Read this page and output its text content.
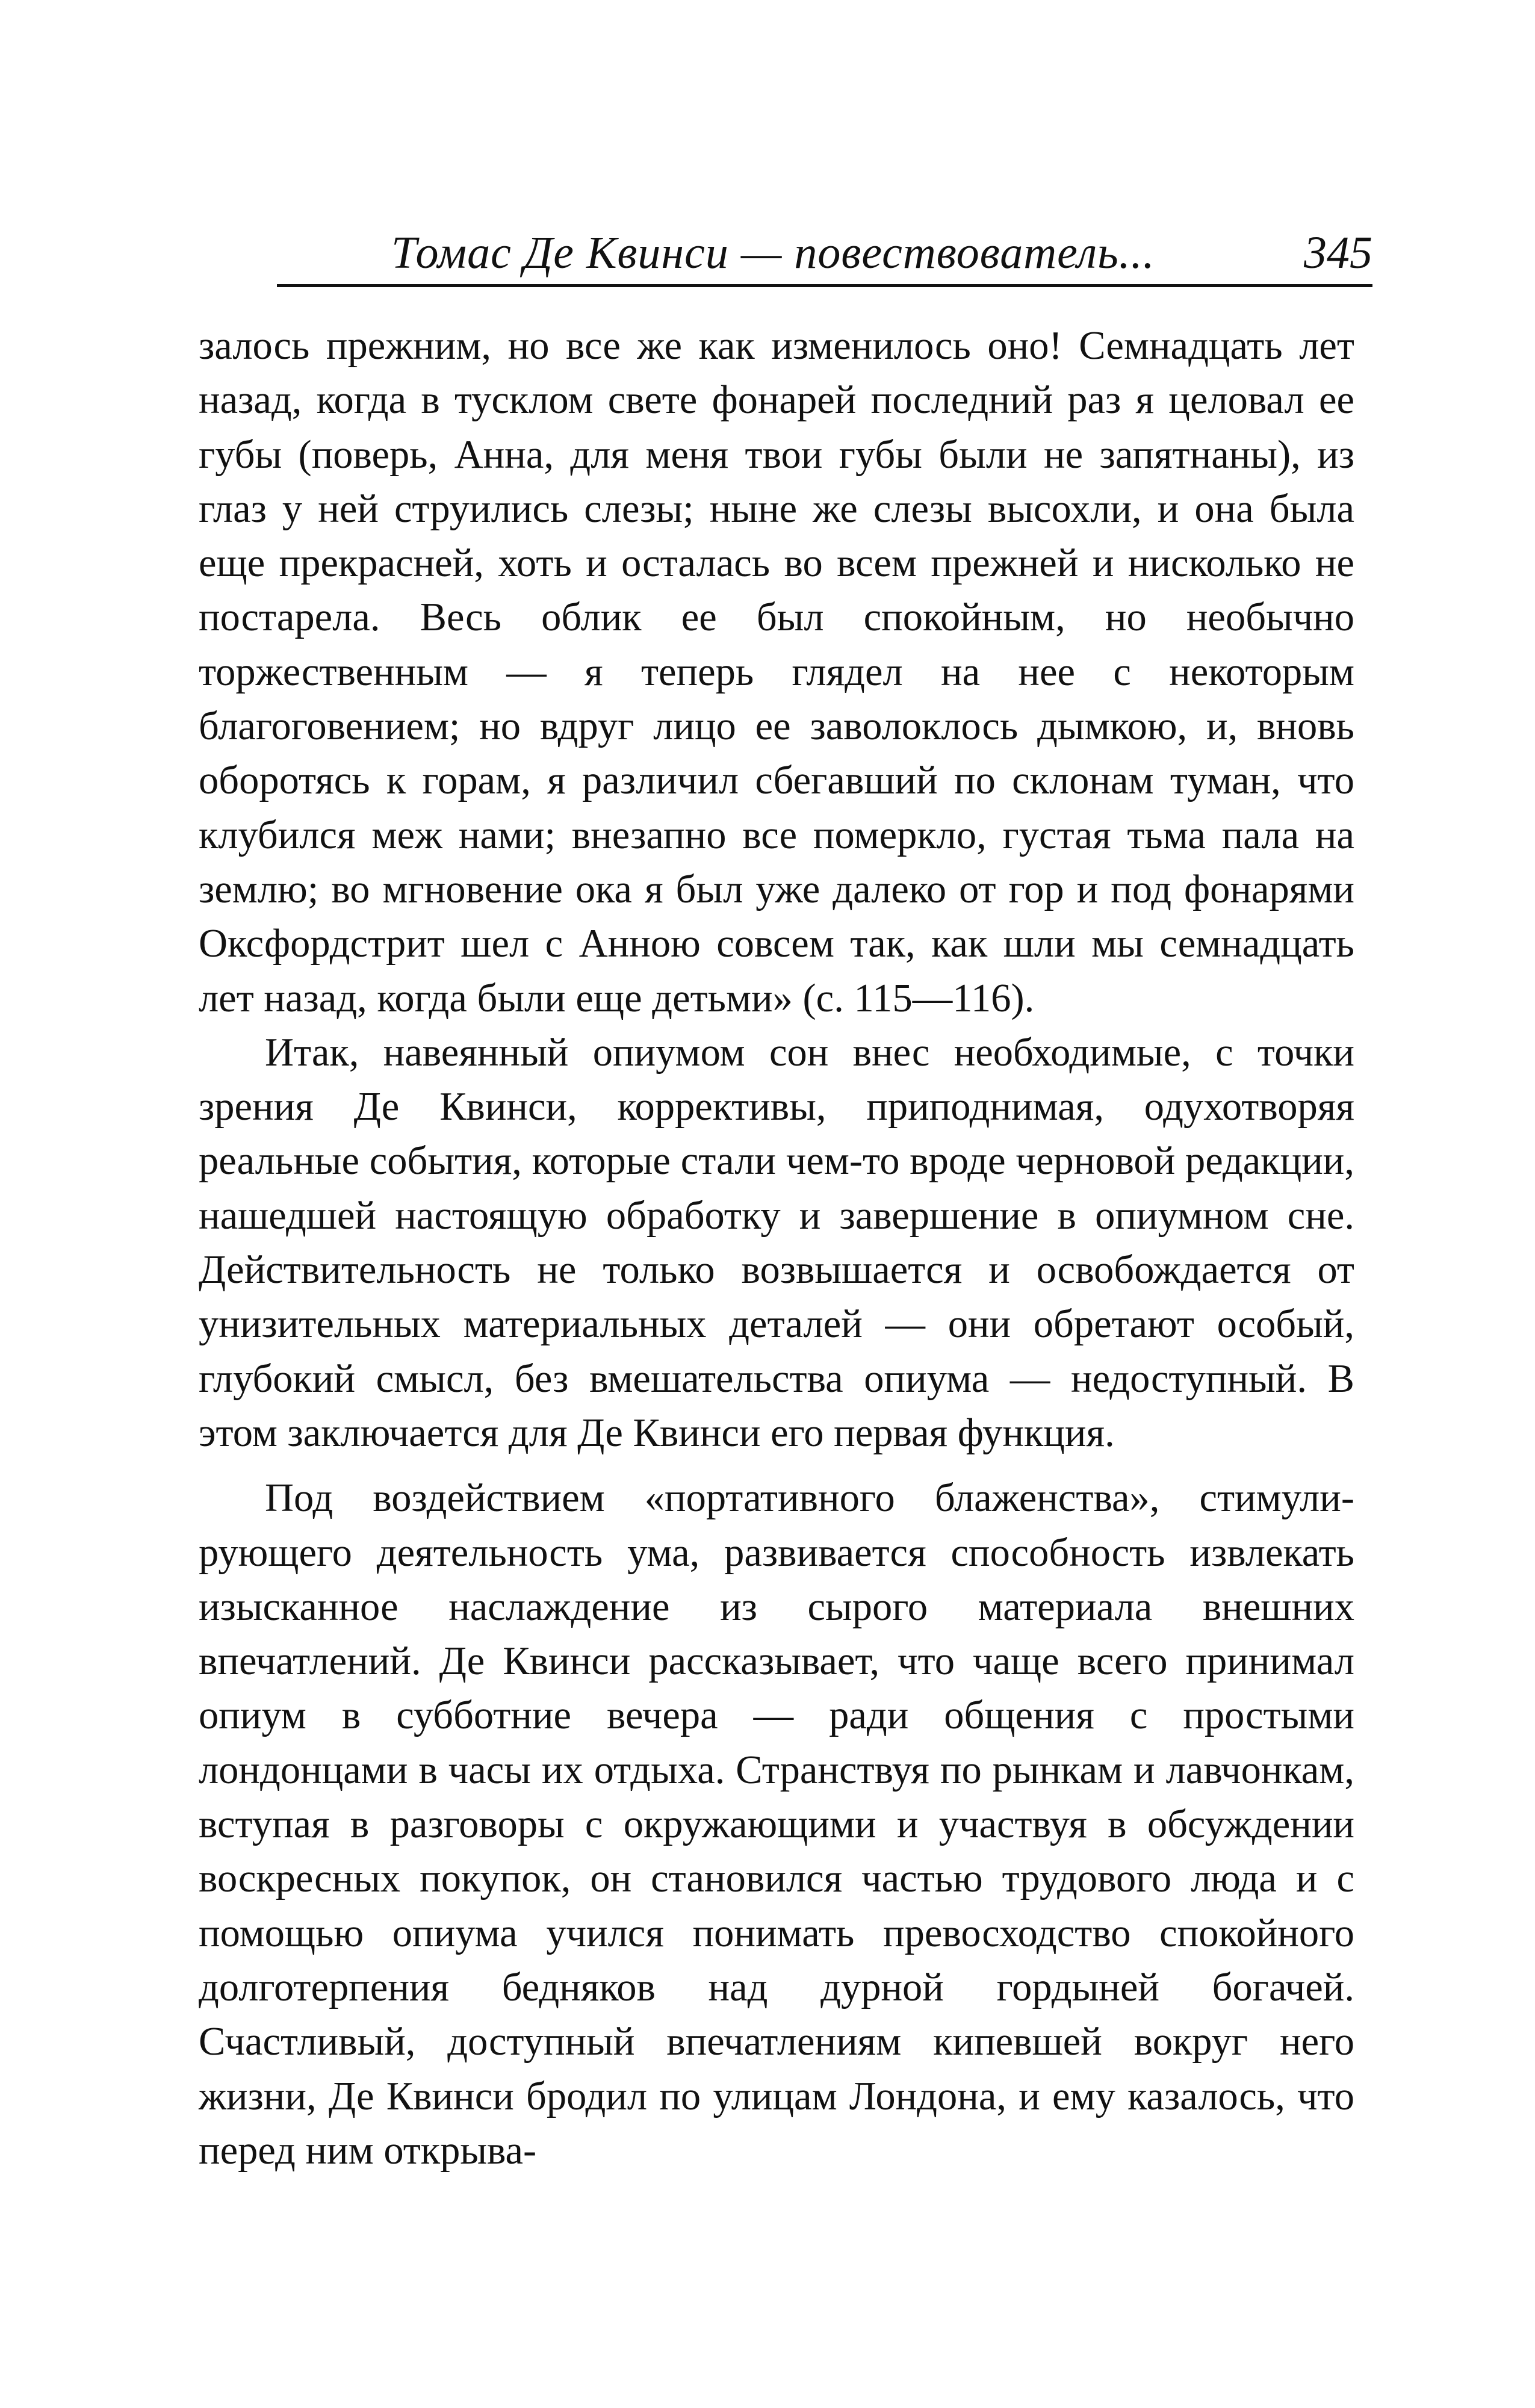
Томас Де Квинси — повествователь...	345

залось прежним, но все же как изменилось оно! Семнадцать лет назад, когда в тусклом свете фонарей последний раз я целовал ее губы (поверь, Анна, для меня твои губы были не запятнаны), из глаз у ней струились слезы; ныне же слезы высохли, и она была еще прекрасней, хоть и осталась во всем прежней и нисколько не постарела. Весь облик ее был спокойным, но необычно торжественным — я теперь глядел на нее с некоторым благоговением; но вдруг лицо ее заволоклось дымкою, и, вновь оборотясь к горам, я различил сбегавший по склонам туман, что клубился меж нами; внезапно все померкло, густая тьма пала на землю; во мгновение ока я был уже далеко от гор и под фонарями Оксфордстрит шел с Анною совсем так, как шли мы семнадцать лет назад, когда были еще детьми» (с. 115—116).

Итак, навеянный опиумом сон внес необходимые, с точки зрения Де Квинси, коррективы, приподнимая, одухотворяя реальные события, которые стали чем-то вроде черновой редакции, нашедшей настоящую обработку и завершение в опиумном сне. Действительность не только возвышается и освобождается от унизительных материальных деталей — они обретают особый, глубокий смысл, без вмешательства опиума — недоступный. В этом заключается для Де Квинси его первая функция.

Под воздействием «портативного блаженства», стимулирующего деятельность ума, развивается способность извлекать изысканное наслаждение из сырого материала внешних впечатлений. Де Квинси рассказывает, что чаще всего принимал опиум в субботние вечера — ради общения с простыми лондонцами в часы их отдыха. Странствуя по рынкам и лавчонкам, вступая в разговоры с окружающими и участвуя в обсуждении воскресных покупок, он становился частью трудового люда и с помощью опиума учился понимать превосходство спокойного долготерпения бедняков над дурной гордыней богачей. Счастливый, доступный впечатлениям кипевшей вокруг него жизни, Де Квинси бродил по улицам Лондона, и ему казалось, что перед ним открыва-
